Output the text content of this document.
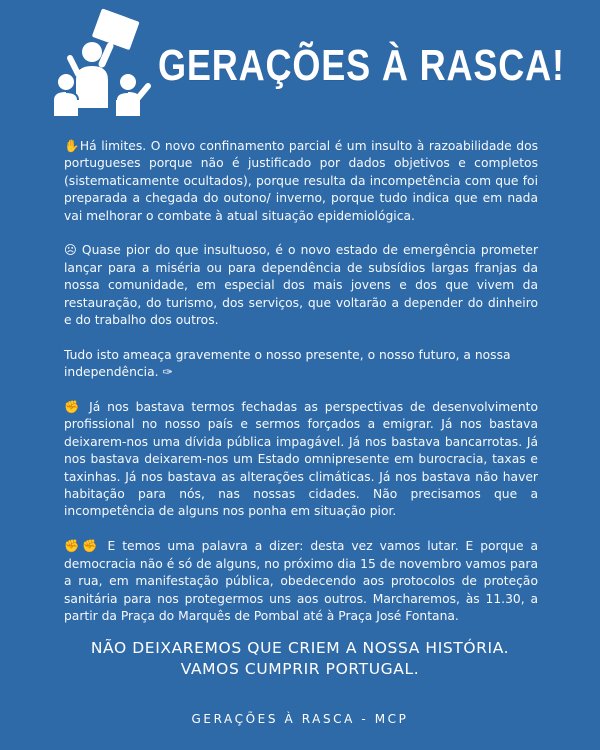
GERAÇÕES À RASCA!

✋Há limites. O novo confinamento parcial é um insulto à razoabilidade dos portugueses porque não é justificado por dados objetivos e completos (sistematicamente ocultados), porque resulta da incompetência com que foi preparada a chegada do outono/ inverno, porque tudo indica que em nada vai melhorar o combate à atual situação epidemiológica.

☹ Quase pior do que insultuoso, é o novo estado de emergência prometer lançar para a miséria ou para dependência de subsídios largas franjas da nossa comunidade, em especial dos mais jovens e dos que vivem da restauração, do turismo, dos serviços, que voltarão a depender do dinheiro e do trabalho dos outros.

Tudo isto ameaça gravemente o nosso presente, o nosso futuro, a nossa independência. ✑

✊ Já nos bastava termos fechadas as perspectivas de desenvolvimento profissional no nosso país e sermos forçados a emigrar. Já nos bastava deixarem-nos uma dívida pública impagável. Já nos bastava bancarrotas. Já nos bastava deixarem-nos um Estado omnipresente em burocracia, taxas e taxinhas. Já nos bastava as alterações climáticas. Já nos bastava não haver habitação para nós, nas nossas cidades. Não precisamos que a incompetência de alguns nos ponha em situação pior.

✊✊ E temos uma palavra a dizer: desta vez vamos lutar. E porque a democracia não é só de alguns, no próximo dia 15 de novembro vamos para a rua, em manifestação pública, obedecendo aos protocolos de proteção sanitária para nos protegermos uns aos outros. Marcharemos, às 11.30, a partir da Praça do Marquês de Pombal até à Praça José Fontana.

NÃO DEIXAREMOS QUE CRIEM A NOSSA HISTÓRIA.
VAMOS CUMPRIR PORTUGAL.
GERAÇÕES À RASCA - MCP
